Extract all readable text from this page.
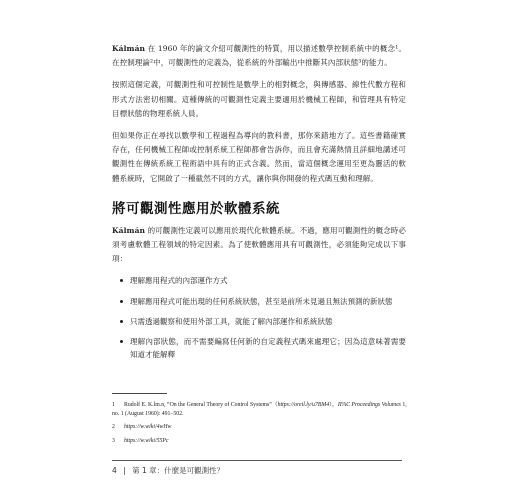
Kálmán 在 1960 年的論文介紹可觀測性的特質，用以描述數學控制系統中的概念¹。在控制理論²中，可觀測性的定義為，從系統的外部輸出中推斷其內部狀態³的能力。

按照這個定義，可觀測性和可控制性是數學上的相對概念，與傳感器、線性代數方程和形式方法密切相關。這種傳統的可觀測性定義主要適用於機械工程師，和管理具有特定目標狀態的物理系統人員。

但如果你正在尋找以數學和工程過程為導向的教科書，那你來錯地方了。這些書籍確實存在，任何機械工程師或控制系統工程師都會告訴你，而且會充滿熱情且詳細地講述可觀測性在傳統系統工程術語中具有的正式含義。然而，當這個概念運用至更為靈活的軟體系統時，它開啟了一種截然不同的方式，讓你與你開發的程式碼互動和理解。

將可觀測性應用於軟體系統

Kálmán 的可觀測性定義可以應用於現代化軟體系統。不過，應用可觀測性的概念時必須考慮軟體工程領域的特定因素。為了使軟體應用具有可觀測性，必須能夠完成以下事項：

理解應用程式的內部運作方式
理解應用程式可能出現的任何系統狀態，甚至是前所未見過且無法預測的新狀態
只需透過觀察和使用外部工具，就能了解內部運作和系統狀態
理解內部狀態，而不需要編寫任何新的自定義程式碼來處理它；因為這意味著需要知道才能解釋
1 Rudolf E. K.lm.n, “On the General Theory of Control Systems”（https://oreil.ly/u7BM4），IFAC Proceedings Volumes 1, no. 1 (August 1960): 491–502.
2 https://w.wiki/4wHw
3 https://w.wiki/55Pc
4 | 第 1 章：什麼是可觀測性？
